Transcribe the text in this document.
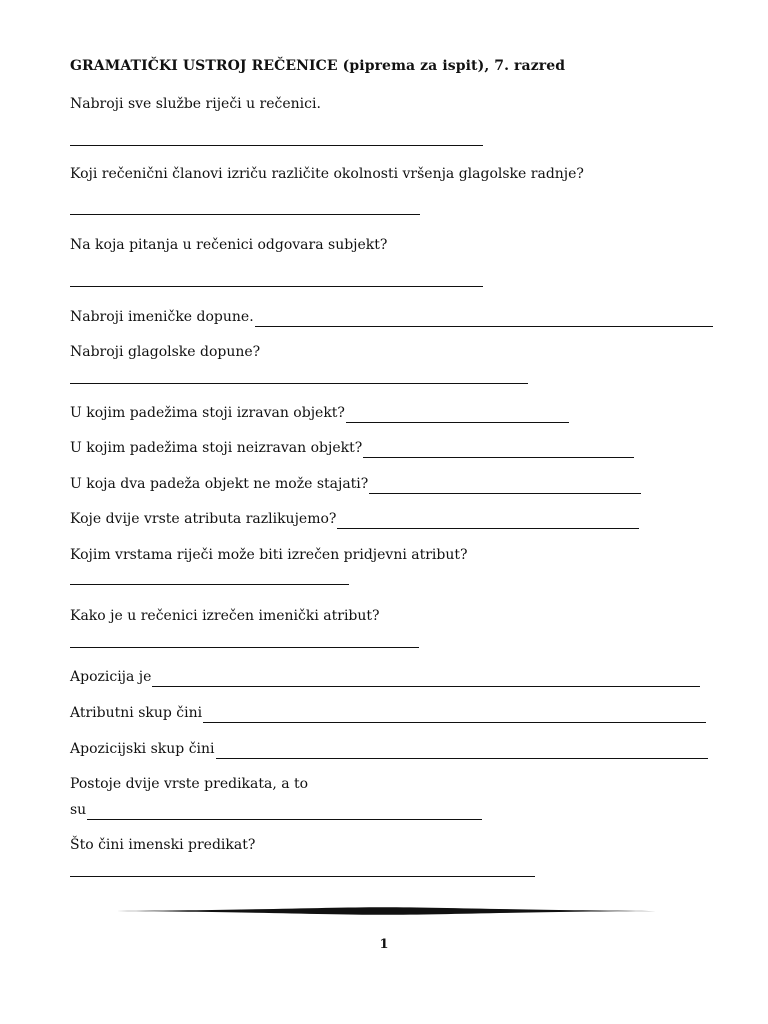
GRAMATIČKI USTROJ REČENICE (piprema za ispit), 7. razred
Nabroji sve službe riječi u rečenici.
Koji rečenični članovi izriču različite okolnosti vršenja glagolske radnje?
Na koja pitanja u rečenici odgovara subjekt?
Nabroji imeničke dopune.
Nabroji glagolske dopune?
U kojim padežima stoji izravan objekt?
U kojim padežima stoji neizravan objekt?
U koja dva padeža objekt ne može stajati?
Koje dvije vrste atributa razlikujemo?
Kojim vrstama riječi može biti izrečen pridjevni atribut?
Kako je u rečenici izrečen imenički atribut?
Apozicija je
Atributni skup čini
Apozicijski skup čini
Postoje dvije vrste predikata, a to
su
Što čini imenski predikat?
1
